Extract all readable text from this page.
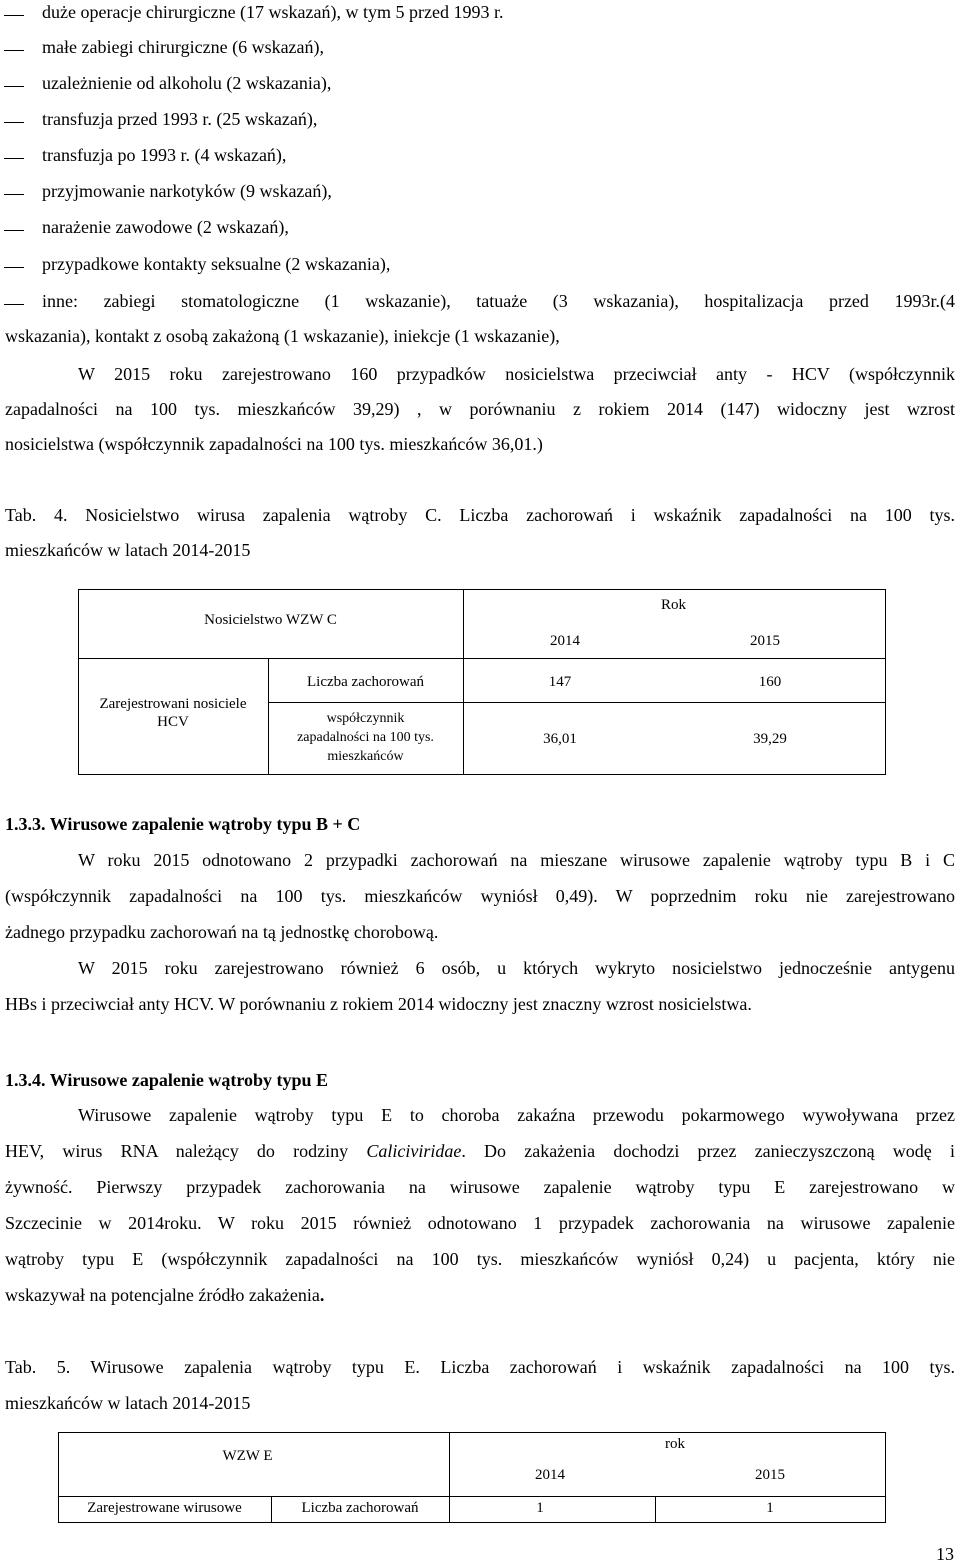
duże operacje chirurgiczne (17 wskazań), w tym 5 przed 1993 r.
małe zabiegi chirurgiczne (6 wskazań),
uzależnienie od alkoholu (2 wskazania),
transfuzja przed 1993 r. (25 wskazań),
transfuzja po 1993 r. (4 wskazań),
przyjmowanie narkotyków (9 wskazań),
narażenie zawodowe (2 wskazań),
przypadkowe kontakty seksualne (2 wskazania),
inne: zabiegi stomatologiczne (1 wskazanie), tatuaże (3 wskazania), hospitalizacja przed 1993r.(4
wskazania), kontakt z osobą zakażoną (1 wskazanie), iniekcje (1 wskazanie),
W 2015 roku zarejestrowano 160 przypadków nosicielstwa przeciwciał anty - HCV (współczynnik
zapadalności na 100 tys. mieszkańców 39,29) , w porównaniu z rokiem 2014 (147) widoczny jest wzrost
nosicielstwa (współczynnik zapadalności na 100 tys. mieszkańców 36,01.)
Tab. 4. Nosicielstwo wirusa zapalenia wątroby C. Liczba zachorowań i wskaźnik zapadalności na 100 tys.
mieszkańców w latach 2014-2015
Nosicielstwo WZW C
Rok
2014	2015
Zarejestrowani nosiciele
HCV
Liczba zachorowań	147	160
współczynnik
zapadalności na 100 tys.
mieszkańców
36,01	39,29
1.3.3. Wirusowe zapalenie wątroby typu B + C
W roku 2015 odnotowano 2 przypadki zachorowań na mieszane wirusowe zapalenie wątroby typu B i C
(współczynnik zapadalności na 100 tys. mieszkańców wyniósł 0,49). W poprzednim roku nie zarejestrowano
żadnego przypadku zachorowań na tą jednostkę chorobową.
W 2015 roku zarejestrowano również 6 osób, u których wykryto nosicielstwo jednocześnie antygenu
HBs i przeciwciał anty HCV. W porównaniu z rokiem 2014 widoczny jest znaczny wzrost nosicielstwa.
1.3.4. Wirusowe zapalenie wątroby typu E
Wirusowe zapalenie wątroby typu E to choroba zakaźna przewodu pokarmowego wywoływana przez
HEV, wirus RNA należący do rodziny Caliciviridae. Do zakażenia dochodzi przez zanieczyszczoną wodę i
żywność. Pierwszy przypadek zachorowania na wirusowe zapalenie wątroby typu E zarejestrowano w
Szczecinie w 2014roku. W roku 2015 również odnotowano 1 przypadek zachorowania na wirusowe zapalenie
wątroby typu E (współczynnik zapadalności na 100 tys. mieszkańców wyniósł 0,24) u pacjenta, który nie
wskazywał na potencjalne źródło zakażenia.
Tab. 5. Wirusowe zapalenia wątroby typu E. Liczba zachorowań i wskaźnik zapadalności na 100 tys.
mieszkańców w latach 2014-2015
WZW E
rok
2014	2015
Zarejestrowane wirusowe	Liczba zachorowań	1	1
13
